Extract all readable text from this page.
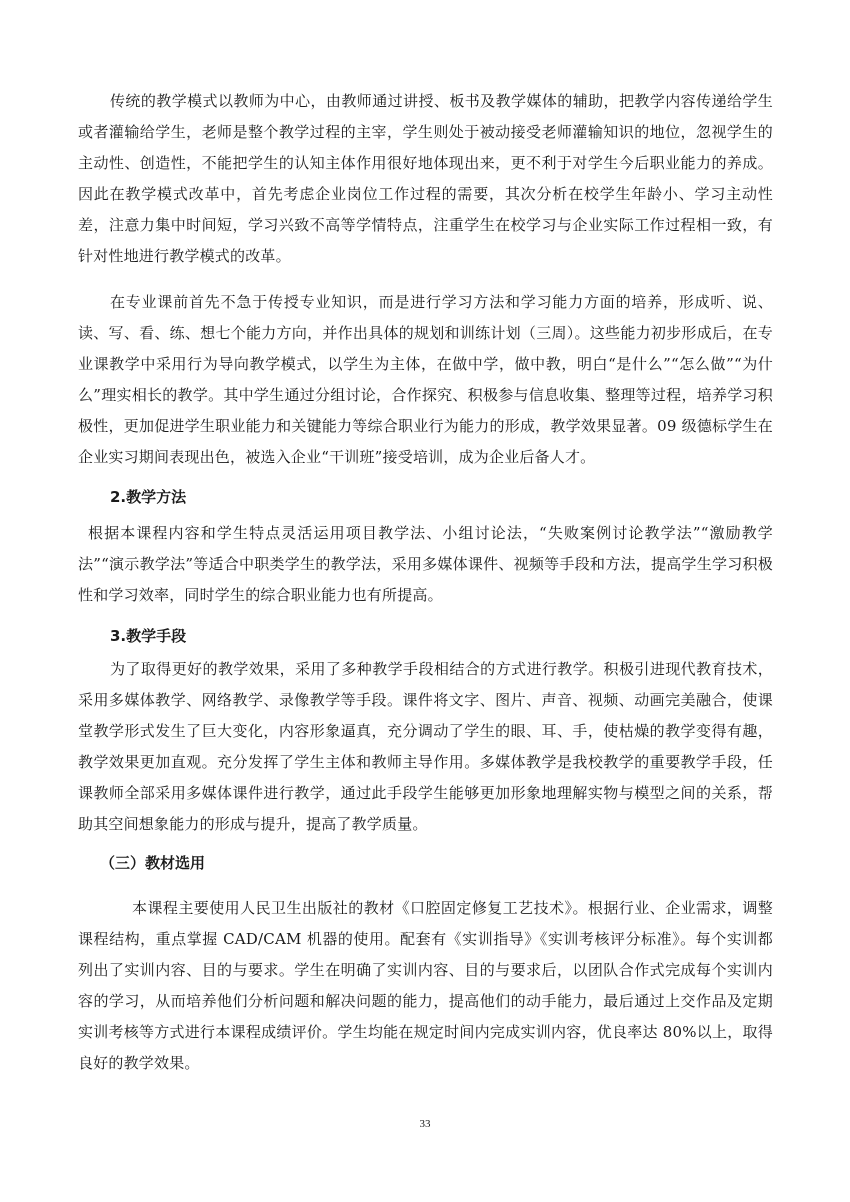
传统的教学模式以教师为中心，由教师通过讲授、板书及教学媒体的辅助，把教学内容传递给学生或者灌输给学生，老师是整个教学过程的主宰，学生则处于被动接受老师灌输知识的地位，忽视学生的主动性、创造性，不能把学生的认知主体作用很好地体现出来，更不利于对学生今后职业能力的养成。因此在教学模式改革中，首先考虑企业岗位工作过程的需要，其次分析在校学生年龄小、学习主动性差，注意力集中时间短，学习兴致不高等学情特点，注重学生在校学习与企业实际工作过程相一致，有针对性地进行教学模式的改革。

在专业课前首先不急于传授专业知识，而是进行学习方法和学习能力方面的培养，形成听、说、读、写、看、练、想七个能力方向，并作出具体的规划和训练计划（三周）。这些能力初步形成后，在专业课教学中采用行为导向教学模式，以学生为主体，在做中学，做中教，明白“是什么”“怎么做”“为什么”理实相长的教学。其中学生通过分组讨论，合作探究、积极参与信息收集、整理等过程，培养学习积极性，更加促进学生职业能力和关键能力等综合职业行为能力的形成，教学效果显著。09 级德标学生在企业实习期间表现出色，被选入企业“干训班”接受培训，成为企业后备人才。

2.教学方法

根据本课程内容和学生特点灵活运用项目教学法、小组讨论法，“失败案例讨论教学法”“激励教学法”“演示教学法”等适合中职类学生的教学法，采用多媒体课件、视频等手段和方法，提高学生学习积极性和学习效率，同时学生的综合职业能力也有所提高。

3.教学手段

为了取得更好的教学效果，采用了多种教学手段相结合的方式进行教学。积极引进现代教育技术，采用多媒体教学、网络教学、录像教学等手段。课件将文字、图片、声音、视频、动画完美融合，使课堂教学形式发生了巨大变化，内容形象逼真，充分调动了学生的眼、耳、手，使枯燥的教学变得有趣，教学效果更加直观。充分发挥了学生主体和教师主导作用。多媒体教学是我校教学的重要教学手段，任课教师全部采用多媒体课件进行教学，通过此手段学生能够更加形象地理解实物与模型之间的关系，帮助其空间想象能力的形成与提升，提高了教学质量。

（三）教材选用

本课程主要使用人民卫生出版社的教材《口腔固定修复工艺技术》。根据行业、企业需求，调整课程结构，重点掌握 CAD/CAM 机器的使用。配套有《实训指导》《实训考核评分标准》。每个实训都列出了实训内容、目的与要求。学生在明确了实训内容、目的与要求后，以团队合作式完成每个实训内容的学习，从而培养他们分析问题和解决问题的能力，提高他们的动手能力，最后通过上交作品及定期实训考核等方式进行本课程成绩评价。学生均能在规定时间内完成实训内容，优良率达 80%以上，取得良好的教学效果。

33
